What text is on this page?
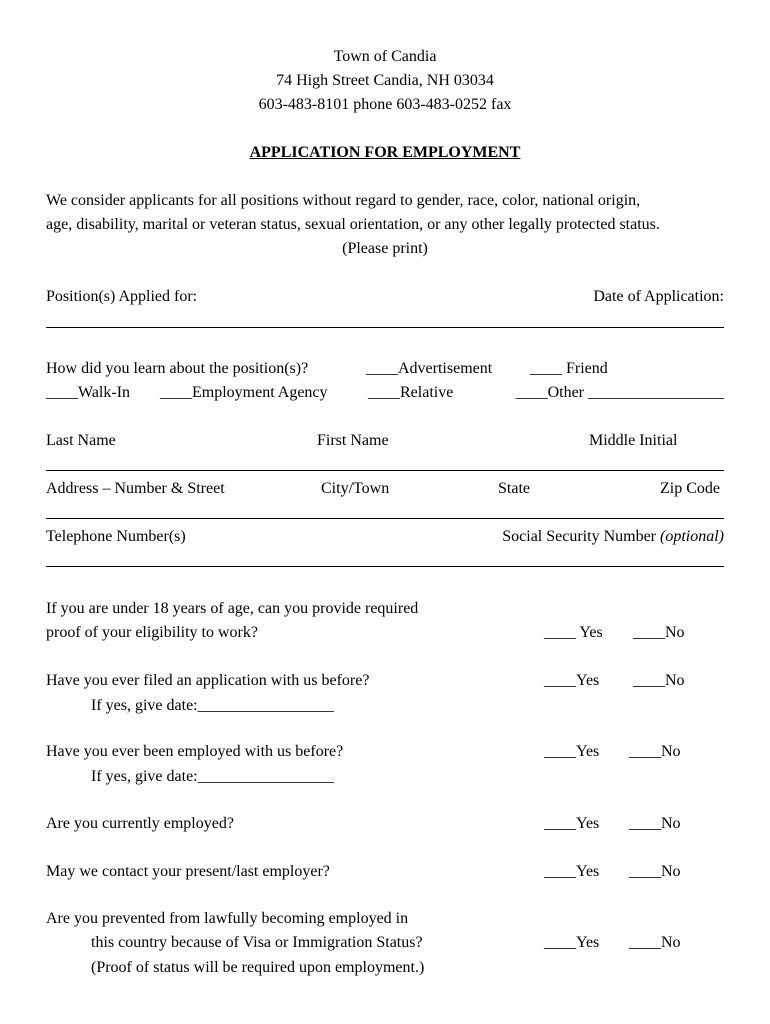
Town of Candia
74 High Street Candia, NH 03034
603-483-8101 phone 603-483-0252 fax
APPLICATION FOR EMPLOYMENT
We consider applicants for all positions without regard to gender, race, color, national origin,
age, disability, marital or veteran status, sexual orientation, or any other legally protected status.
(Please print)
Position(s) Applied for:	Date of Application:
How did you learn about the position(s)?	____Advertisement ____ Friend
____Walk-In ____Employment Agency	____Relative	____Other _________________
Last Name	First Name	Middle Initial
Address – Number & Street	City/Town	State	Zip Code
Telephone Number(s)	Social Security Number (optional)
If you are under 18 years of age, can you provide required
proof of your eligibility to work?	____ Yes ____No
Have you ever filed an application with us before?	____Yes ____No
If yes, give date:_________________
Have you ever been employed with us before?	____Yes ____No
If yes, give date:_________________
Are you currently employed?	____Yes ____No
May we contact your present/last employer?	____Yes ____No
Are you prevented from lawfully becoming employed in
this country because of Visa or Immigration Status?
(Proof of status will be required upon employment.)
____Yes ____No
